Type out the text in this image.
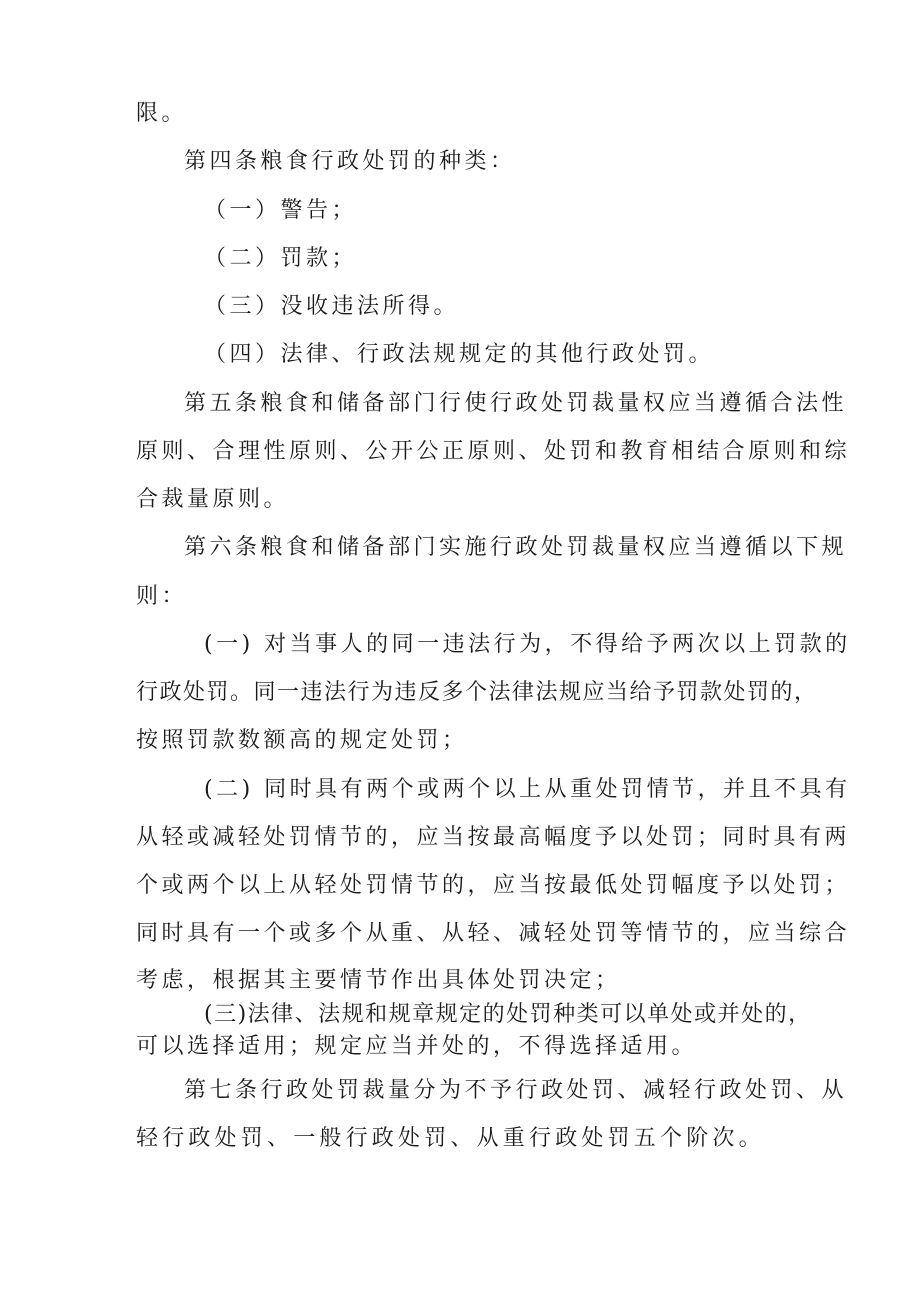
限。

第四条粮食行政处罚的种类：

（一）警告；

（二）罚款；

（三）没收违法所得。

（四）法律、行政法规规定的其他行政处罚。

第五条粮食和储备部门行使行政处罚裁量权应当遵循合法性

原则、合理性原则、公开公正原则、处罚和教育相结合原则和综

合裁量原则。

第六条粮食和储备部门实施行政处罚裁量权应当遵循以下规

则：

(一) 对当事人的同一违法行为，不得给予两次以上罚款的

行政处罚。同一违法行为违反多个法律法规应当给予罚款处罚的，

按照罚款数额高的规定处罚；

(二) 同时具有两个或两个以上从重处罚情节，并且不具有

从轻或减轻处罚情节的，应当按最高幅度予以处罚；同时具有两

个或两个以上从轻处罚情节的，应当按最低处罚幅度予以处罚；

同时具有一个或多个从重、从轻、减轻处罚等情节的，应当综合

考虑，根据其主要情节作出具体处罚决定；

(三)法律、法规和规章规定的处罚种类可以单处或并处的，

可以选择适用；规定应当并处的，不得选择适用。

第七条行政处罚裁量分为不予行政处罚、减轻行政处罚、从

轻行政处罚、一般行政处罚、从重行政处罚五个阶次。
